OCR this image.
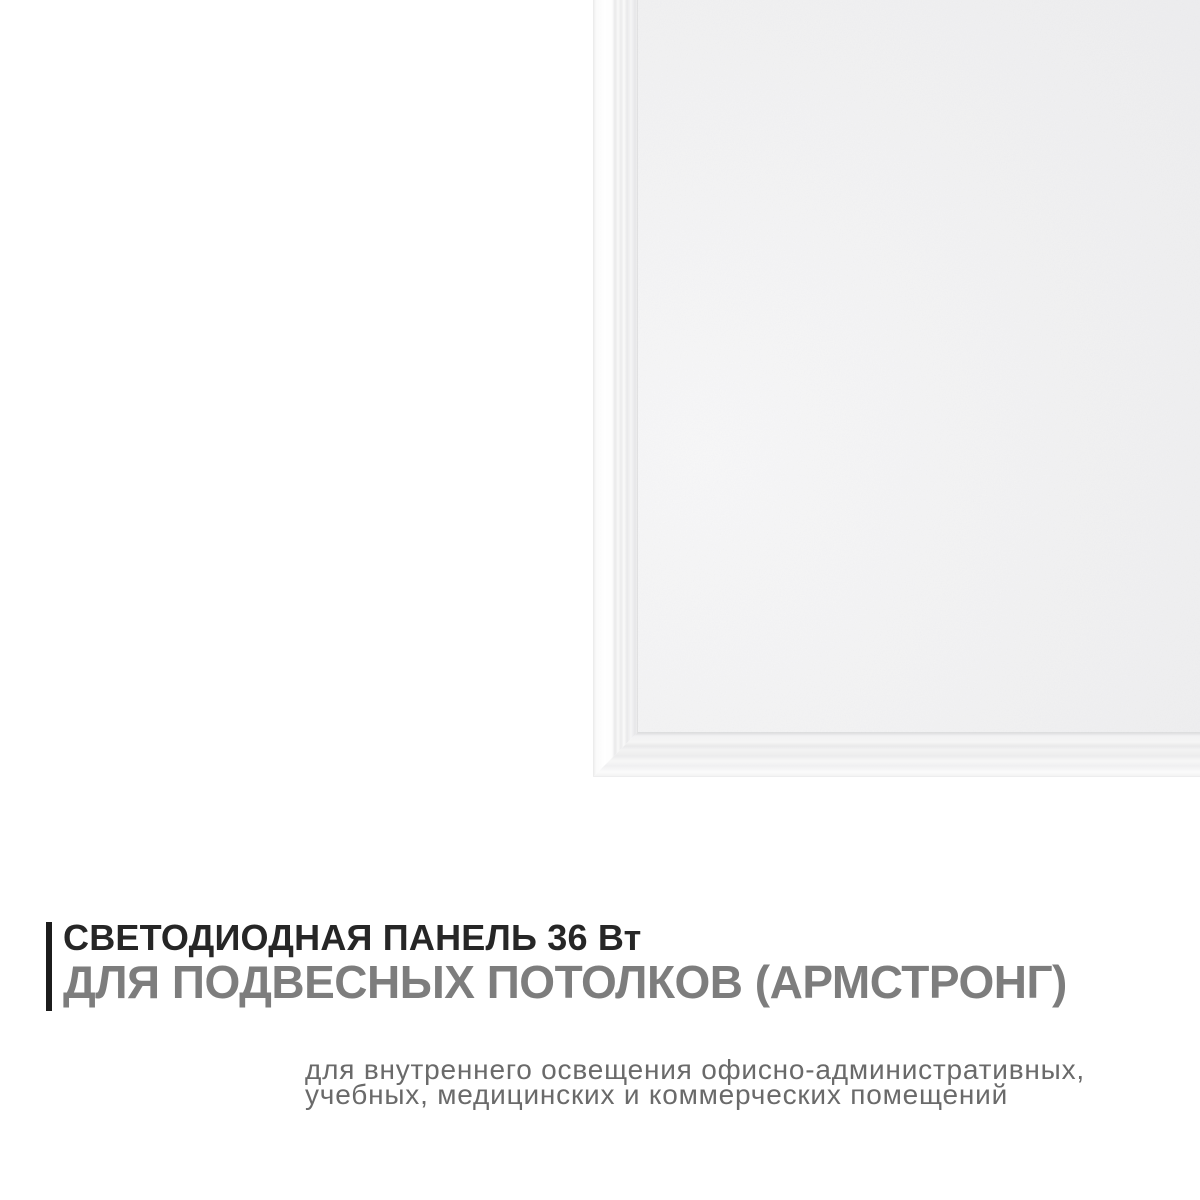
СВЕТОДИОДНАЯ ПАНЕЛЬ 36 Вт
ДЛЯ ПОДВЕСНЫХ ПОТОЛКОВ (АРМСТРОНГ)

для внутреннего освещения офисно-административных,
учебных, медицинских и коммерческих помещений
